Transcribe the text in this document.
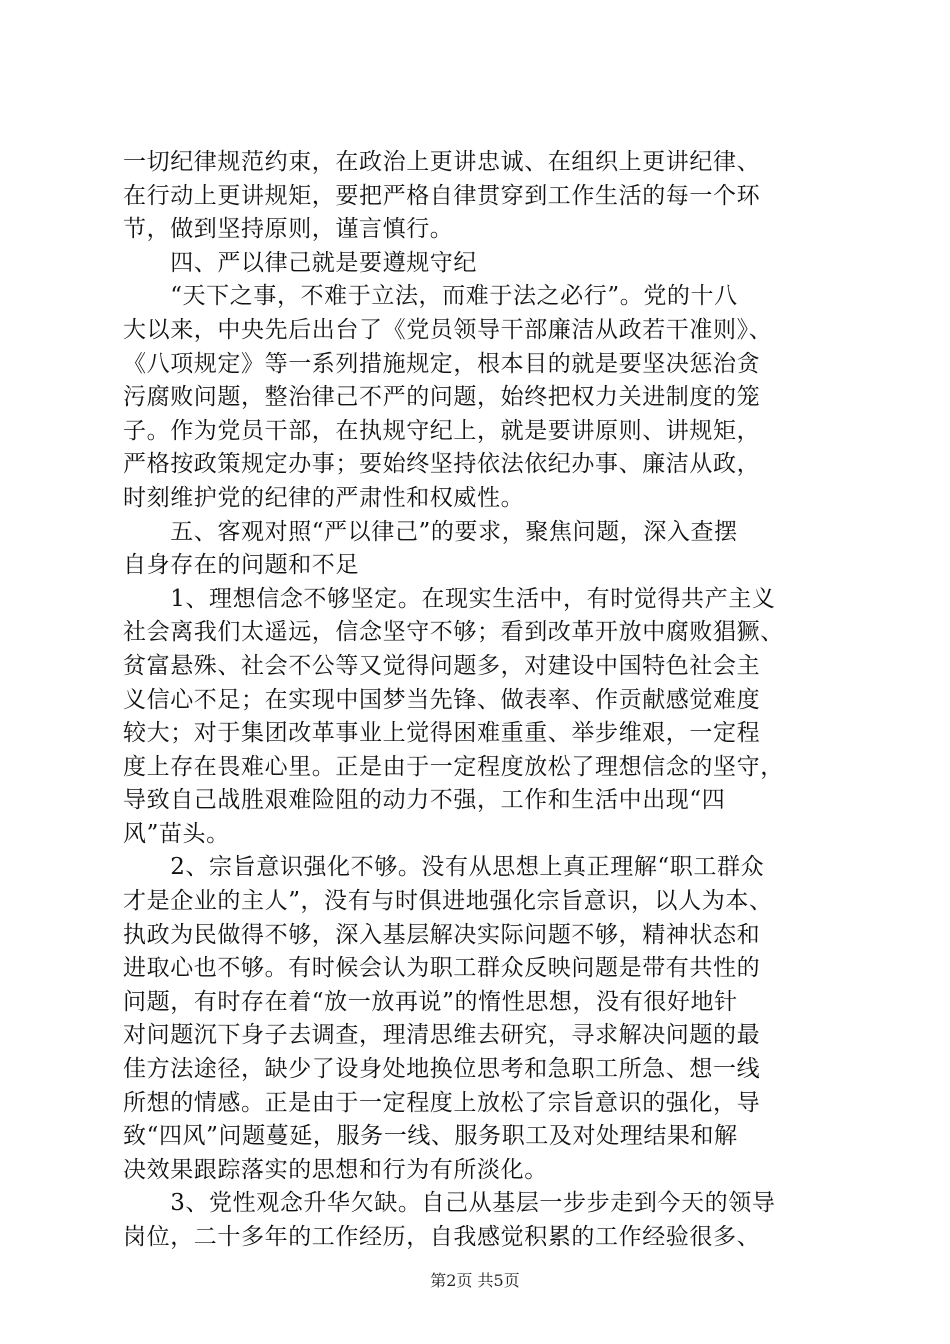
一切纪律规范约束，在政治上更讲忠诚、在组织上更讲纪律、
在行动上更讲规矩，要把严格自律贯穿到工作生活的每一个环
节，做到坚持原则，谨言慎行。
　　四、严以律己就是要遵规守纪
　　“天下之事，不难于立法，而难于法之必行”。党的十八
大以来，中央先后出台了《党员领导干部廉洁从政若干准则》、
《八项规定》等一系列措施规定，根本目的就是要坚决惩治贪
污腐败问题，整治律己不严的问题，始终把权力关进制度的笼
子。作为党员干部，在执规守纪上，就是要讲原则、讲规矩，
严格按政策规定办事；要始终坚持依法依纪办事、廉洁从政，
时刻维护党的纪律的严肃性和权威性。
　　五、客观对照“严以律己”的要求，聚焦问题，深入查摆
自身存在的问题和不足
　　1、理想信念不够坚定。在现实生活中，有时觉得共产主义
社会离我们太遥远，信念坚守不够；看到改革开放中腐败猖獗、
贫富悬殊、社会不公等又觉得问题多，对建设中国特色社会主
义信心不足；在实现中国梦当先锋、做表率、作贡献感觉难度
较大；对于集团改革事业上觉得困难重重、举步维艰，一定程
度上存在畏难心里。正是由于一定程度放松了理想信念的坚守，
导致自己战胜艰难险阻的动力不强，工作和生活中出现“四
风”苗头。
　　2、宗旨意识强化不够。没有从思想上真正理解“职工群众
才是企业的主人”，没有与时俱进地强化宗旨意识，以人为本、
执政为民做得不够，深入基层解决实际问题不够，精神状态和
进取心也不够。有时候会认为职工群众反映问题是带有共性的
问题，有时存在着“放一放再说”的惰性思想，没有很好地针
对问题沉下身子去调查，理清思维去研究，寻求解决问题的最
佳方法途径，缺少了设身处地换位思考和急职工所急、想一线
所想的情感。正是由于一定程度上放松了宗旨意识的强化，导
致“四风”问题蔓延，服务一线、服务职工及对处理结果和解
决效果跟踪落实的思想和行为有所淡化。
　　3、党性观念升华欠缺。自己从基层一步步走到今天的领导
岗位，二十多年的工作经历，自我感觉积累的工作经验很多、
第2页 共5页
